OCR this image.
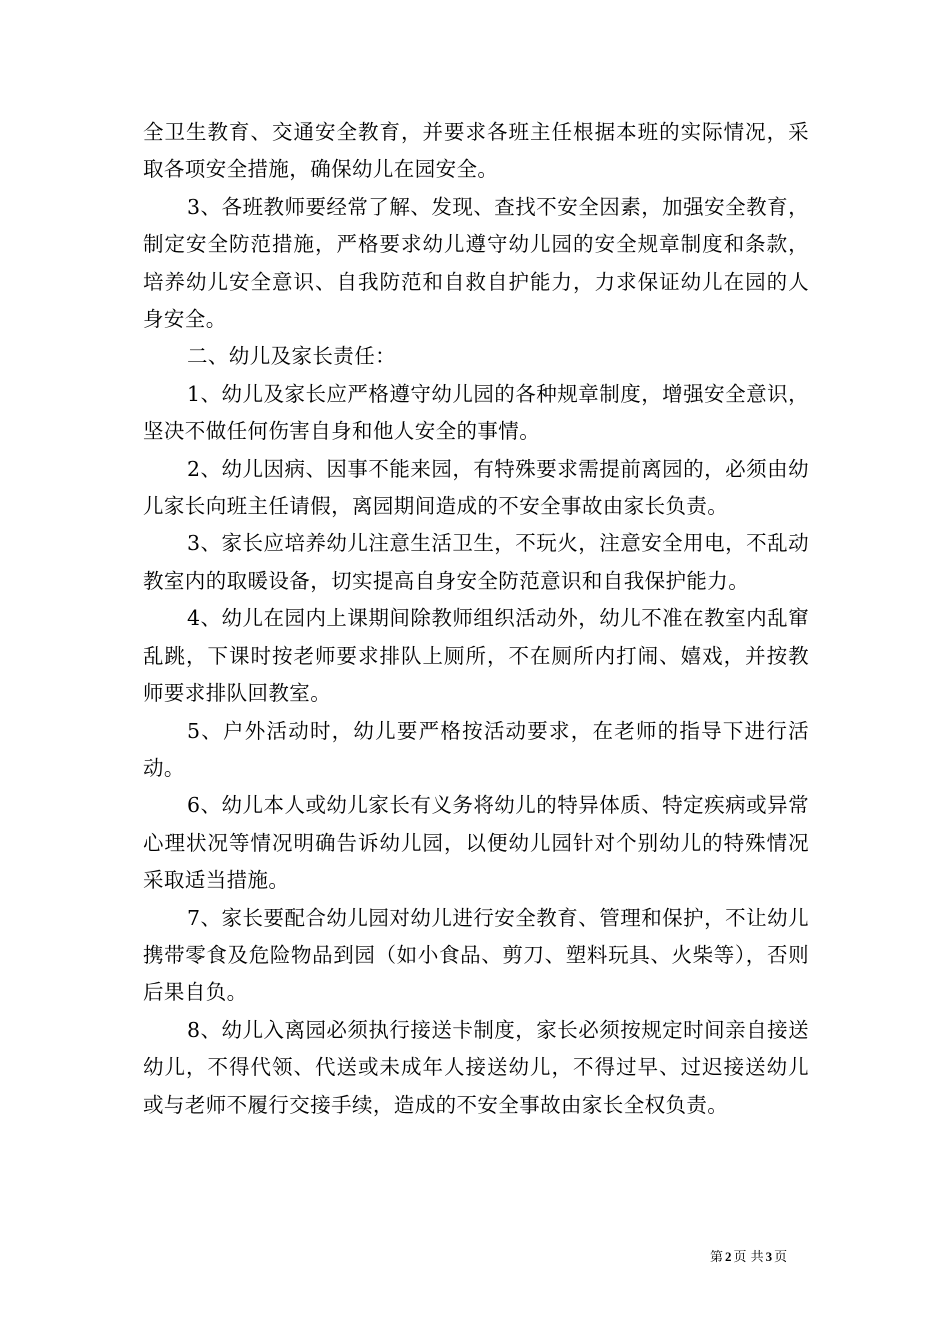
全卫生教育、交通安全教育，并要求各班主任根据本班的实际情况，采取各项安全措施，确保幼儿在园安全。

3、各班教师要经常了解、发现、查找不安全因素，加强安全教育，制定安全防范措施，严格要求幼儿遵守幼儿园的安全规章制度和条款，培养幼儿安全意识、自我防范和自救自护能力，力求保证幼儿在园的人身安全。

二、幼儿及家长责任：

1、幼儿及家长应严格遵守幼儿园的各种规章制度，增强安全意识，坚决不做任何伤害自身和他人安全的事情。

2、幼儿因病、因事不能来园，有特殊要求需提前离园的，必须由幼儿家长向班主任请假，离园期间造成的不安全事故由家长负责。

3、家长应培养幼儿注意生活卫生，不玩火，注意安全用电，不乱动教室内的取暖设备，切实提高自身安全防范意识和自我保护能力。

4、幼儿在园内上课期间除教师组织活动外，幼儿不准在教室内乱窜乱跳，下课时按老师要求排队上厕所，不在厕所内打闹、嬉戏，并按教师要求排队回教室。

5、户外活动时，幼儿要严格按活动要求，在老师的指导下进行活动。

6、幼儿本人或幼儿家长有义务将幼儿的特异体质、特定疾病或异常心理状况等情况明确告诉幼儿园，以便幼儿园针对个别幼儿的特殊情况采取适当措施。

7、家长要配合幼儿园对幼儿进行安全教育、管理和保护，不让幼儿携带零食及危险物品到园（如小食品、剪刀、塑料玩具、火柴等），否则后果自负。

8、幼儿入离园必须执行接送卡制度，家长必须按规定时间亲自接送幼儿，不得代领、代送或未成年人接送幼儿，不得过早、过迟接送幼儿或与老师不履行交接手续，造成的不安全事故由家长全权负责。

第 2 页 共 3 页
